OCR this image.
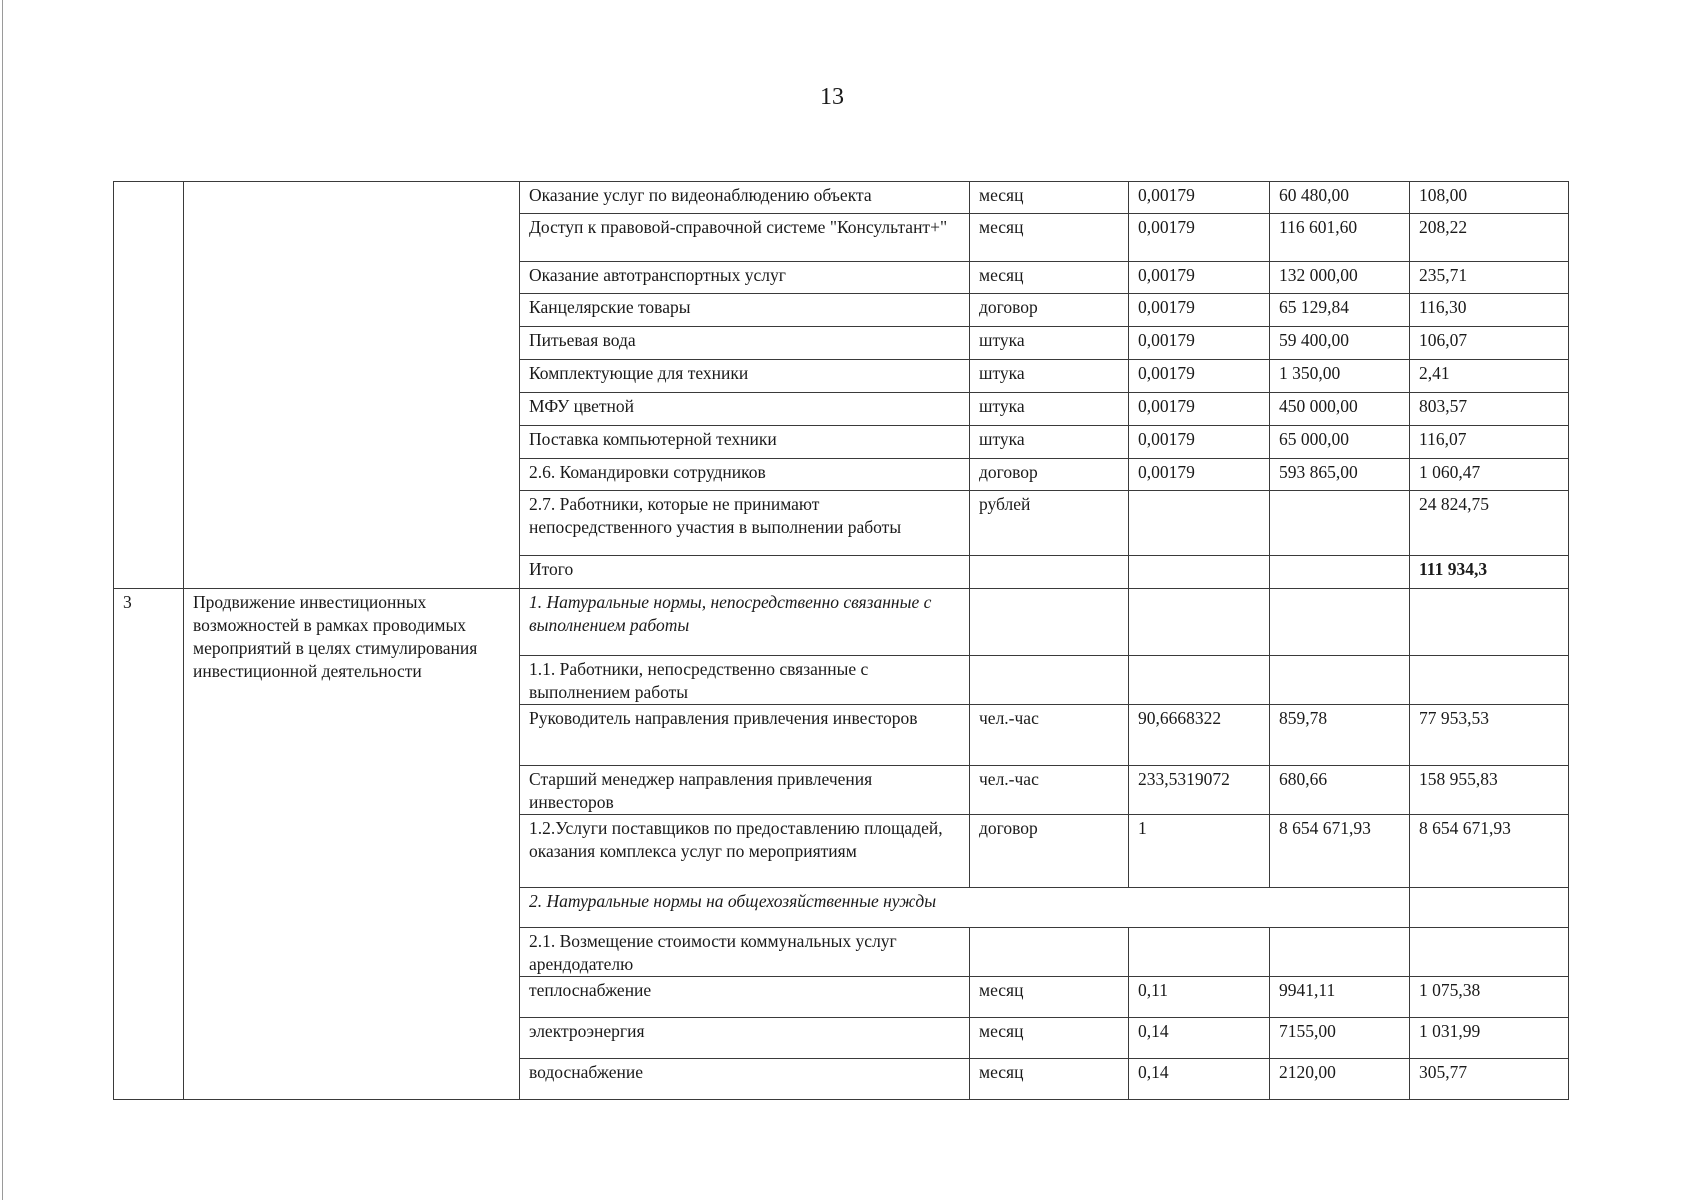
13
		Оказание услуг по видеонаблюдению объекта	месяц	0,00179	60 480,00	108,00
		Доступ к правовой-справочной системе "Консультант+"	месяц	0,00179	116 601,60	208,22
		Оказание автотранспортных услуг	месяц	0,00179	132 000,00	235,71
		Канцелярские товары	договор	0,00179	65 129,84	116,30
		Питьевая вода	штука	0,00179	59 400,00	106,07
		Комплектующие для техники	штука	0,00179	1 350,00	2,41
		МФУ цветной	штука	0,00179	450 000,00	803,57
		Поставка компьютерной техники	штука	0,00179	65 000,00	116,07
		2.6. Командировки сотрудников	договор	0,00179	593 865,00	1 060,47
		2.7. Работники, которые не принимают непосредственного участия в выполнении работы	рублей			24 824,75
		Итого				111 934,3
3	Продвижение инвестиционных возможностей в рамках проводимых мероприятий в целях стимулирования инвестиционной деятельности	1. Натуральные нормы, непосредственно связанные с выполнением работы				
		1.1. Работники, непосредственно связанные с выполнением работы				
		Руководитель направления привлечения инвесторов	чел.-час	90,6668322	859,78	77 953,53
		Старший менеджер направления привлечения инвесторов	чел.-час	233,5319072	680,66	158 955,83
		1.2.Услуги поставщиков по предоставлению площадей, оказания комплекса услуг по мероприятиям	договор	1	8 654 671,93	8 654 671,93
		2. Натуральные нормы на общехозяйственные нужды				
		2.1. Возмещение стоимости коммунальных услуг арендодателю				
		теплоснабжение	месяц	0,11	9941,11	1 075,38
		электроэнергия	месяц	0,14	7155,00	1 031,99
		водоснабжение	месяц	0,14	2120,00	305,77
